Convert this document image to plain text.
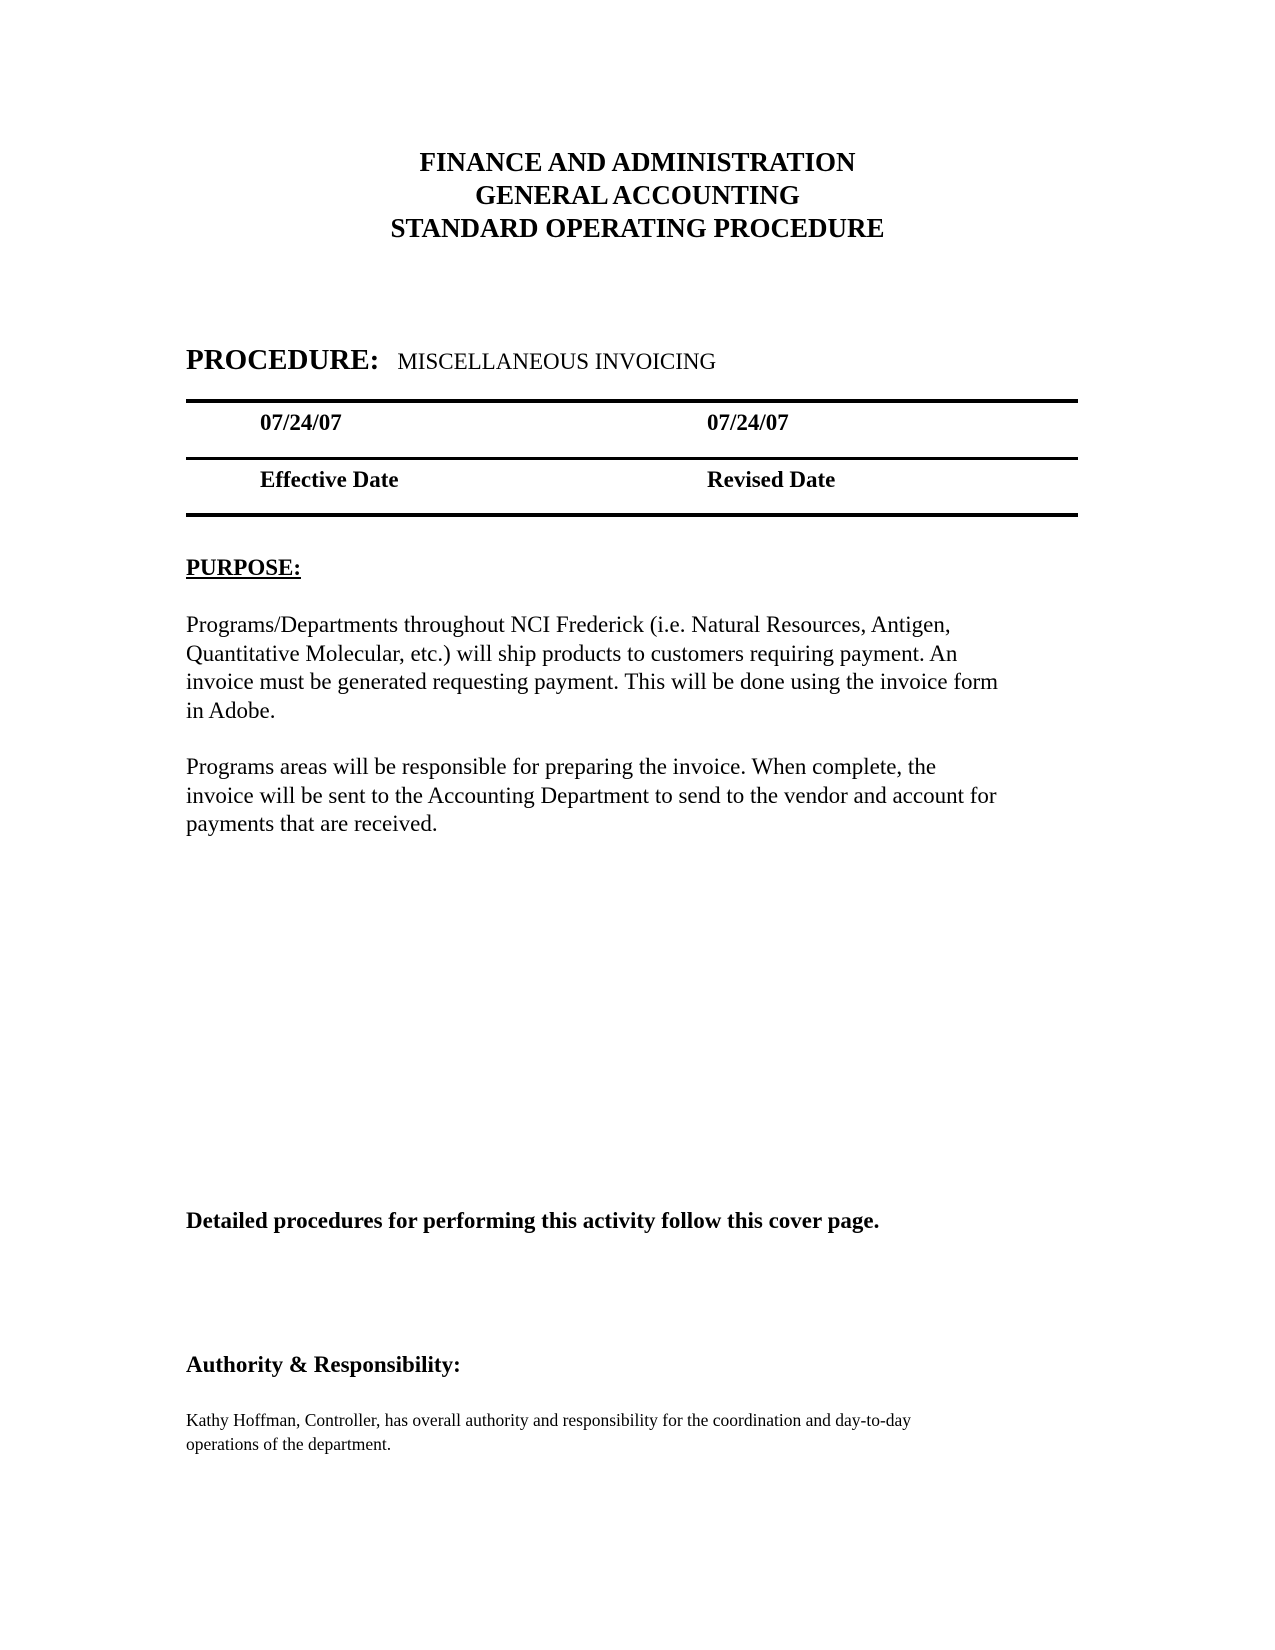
FINANCE AND ADMINISTRATION
GENERAL ACCOUNTING
STANDARD OPERATING PROCEDURE
PROCEDURE: MISCELLANEOUS INVOICING
07/24/07	07/24/07
Effective Date	Revised Date
PURPOSE:
Programs/Departments throughout NCI Frederick (i.e. Natural Resources, Antigen,
Quantitative Molecular, etc.) will ship products to customers requiring payment. An
invoice must be generated requesting payment. This will be done using the invoice form
in Adobe.
Programs areas will be responsible for preparing the invoice. When complete, the
invoice will be sent to the Accounting Department to send to the vendor and account for
payments that are received.
Detailed procedures for performing this activity follow this cover page.
Authority & Responsibility:
Kathy Hoffman, Controller, has overall authority and responsibility for the coordination and day-to-day
operations of the department.
